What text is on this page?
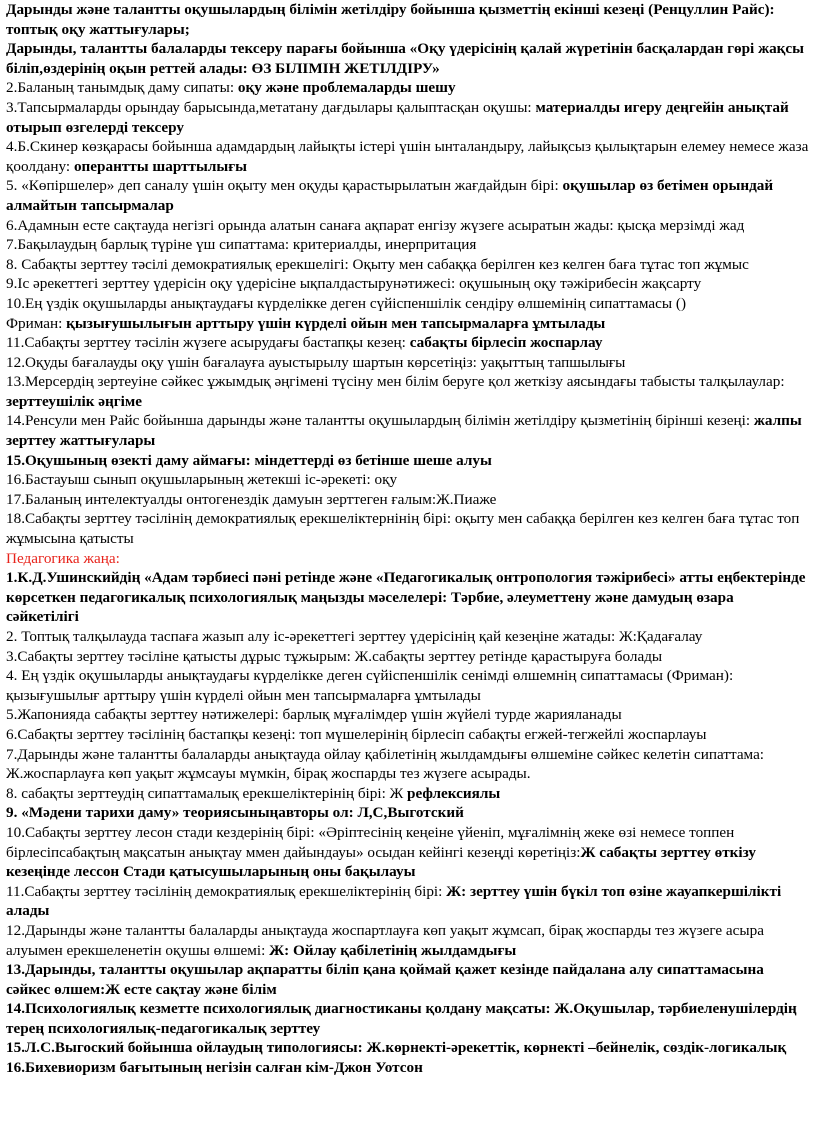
Дарынды және талантты оқушылардың білімін жетілдіру бойынша қызметтің екінші кезеңі (Ренцуллин Райс): топтық оқу жаттығулары;
Дарынды, талантты балаларды тексеру парағы бойынша «Оқу үдерісінің қалай жүретінін басқалардан гөрі жақсы біліп,өздерінің оқын реттей алады: ӨЗ БІЛІМІН ЖЕТІЛДІРУ»
2.Баланың танымдық даму сипаты: оқу және проблемаларды шешу
3.Тапсырмаларды орындау барысында,метатану дағдылары қалыптасқан оқушы: материалды игеру деңгейін анықтай отырып өзгелерді тексеру
4.Б.Скинер көзқарасы бойынша адамдардың лайықты істері үшін ынталандыру, лайықсыз қылықтарын елемеу немесе жаза қоолдану: оперантты шарттылығы
5. «Көпіршелер» деп саналу үшін оқыту мен оқуды қарастырылатын жағдайдын бірі: оқушылар өз бетімен орындай алмайтын тапсырмалар
6.Адамнын есте сақтауда негізгі орында алатын санаға ақпарат енгізу жүзеге асыратын жады: қысқа мерзімді жад
7.Бақылаудың барлық түріне үш сипаттама: критериалды, инерпритация
8. Сабақты зерттеу тәсілі демократиялық ерекшелігі: Оқыту мен сабаққа берілген кез келген баға тұтас топ жұмыс
9.Іс әрекеттегі зерттеу үдерісін оқу үдерісіне ықпалдастырунәтижесі: оқушының оқу тәжірибесін жақсарту
10.Ең үздік оқушыларды анықтаудағы күрделікке деген сүйіспеншілік сендіру өлшемінің сипаттамасы ()
Фриман: қызығушылығын арттыру үшін күрделі ойын мен тапсырмаларға ұмтылады
11.Сабақты зерттеу тәсілін жүзеге асырудағы бастапқы кезең: сабақты бірлесіп жоспарлау
12.Оқуды бағалауды оқу үшін бағалауға ауыстырылу шартын көрсетіңіз: уақыттың тапшылығы
13.Мерсердің зертеуіне сәйкес ұжымдық әңгімені түсіну мен білім беруге қол жеткізу аясындағы табысты талқылаулар: зерттеушілік әңгіме
14.Ренсули мен Райс бойынша дарынды және талантты оқушылардың білімін жетілдіру қызметінің бірінші кезеңі: жалпы зерттеу жаттығулары
15.Оқушының өзекті даму аймағы: міндеттерді өз бетінше шеше алуы
16.Бастауыш сынып оқушыларының жетекші іс-әрекеті: оқу
17.Баланың интелектуалды онтогенездік дамуын зерттеген ғалым:Ж.Пиаже
18.Сабақты зерттеу тәсілінің демократиялық ерекшеліктернінің бірі: оқыту мен сабаққа берілген кез келген баға тұтас топ жұмысына қатысты
Педагогика жаңа:
1.К.Д.Ушинскийдің «Адам тәрбиесі пәні ретінде және «Педагогикалық онтропология тәжірибесі» атты еңбектерінде көрсеткен педагогикалық психологиялық маңызды мәселелері: Тәрбие, әлеуметтену және дамудың өзара сәйкетілігі
2. Топтық талқылауда таспаға жазып алу іс-әрекеттегі зерттеу үдерісінің қай кезеңіне жатады: Ж:Қадағалау
3.Сабақты зерттеу тәсіліне қатысты дұрыс тұжырым: Ж.сабақты зерттеу ретінде қарастыруға болады
4. Ең үздік оқушыларды анықтаудағы күрделікке деген сүйіспеншілік сенімді өлшемнің сипаттамасы (Фриман): қызығушылығ арттыру үшін күрделі ойын мен тапсырмаларға ұмтылады
5.Жапонияда сабақты зерттеу нәтижелері: барлық мұғалімдер үшін жүйелі турде жарияланады
6.Сабақты зерттеу тәсілінің бастапқы кезеңі: топ мүшелерінің бірлесіп сабақты егжей-тегжейлі жоспарлауы
7.Дарынды және талантты балаларды анықтауда ойлау қабілетінің жылдамдығы өлшеміне сәйкес келетін сипаттама: Ж.жоспарлауға көп уақыт жұмсауы мүмкін, бірақ жоспарды тез жүзеге асырады.
8. сабақты зерттеудің сипаттамалық ерекшеліктерінің бірі: Ж рефлексиялы
9. «Мәдени тарихи даму» теориясыныңавторы ол: Л,С,Выготский
10.Сабақты зерттеу лесон стади кездерінің бірі: «Әріптесінің кеңеіне үйеніп, мұғалімнің жеке өзі немесе топпен бірлесіпсабақтың мақсатын анықтау ммен дайындауы» осыдан кейінгі кезеңді көретіңіз:Ж сабақты зерттеу өткізу кезеңінде лессон Стади қатысушыларының оны бақылауы
11.Сабақты зерттеу тәсілінің демократиялық ерекшеліктерінің бірі: Ж: зерттеу үшін бүкіл топ өзіне жауапкершілікті алады
12.Дарынды және талантты балаларды анықтауда жоспартлауға көп уақыт жұмсап, бірақ жоспарды тез жүзеге асыра алуымен ерекшеленетін оқушы өлшемі: Ж: Ойлау қабілетінің жылдамдығы
13.Дарынды, талантты оқушылар ақпаратты біліп қана қоймай қажет кезінде пайдалана алу сипаттамасына сәйкес өлшем:Ж есте сақтау және білім
14.Психологиялық кезметте психологиялық диагностиканы қолдану мақсаты: Ж.Оқушылар, тәрбиеленушілердің терең психологиялық-педагогикалық зерттеу
15.Л.С.Выгоский бойынша ойлаудың типологиясы: Ж.көрнекті-әрекеттік, көрнекті –бейнелік, сөздік-логикалық
16.Бихевиоризм бағытының негізін салған кім-Джон Уотсон
